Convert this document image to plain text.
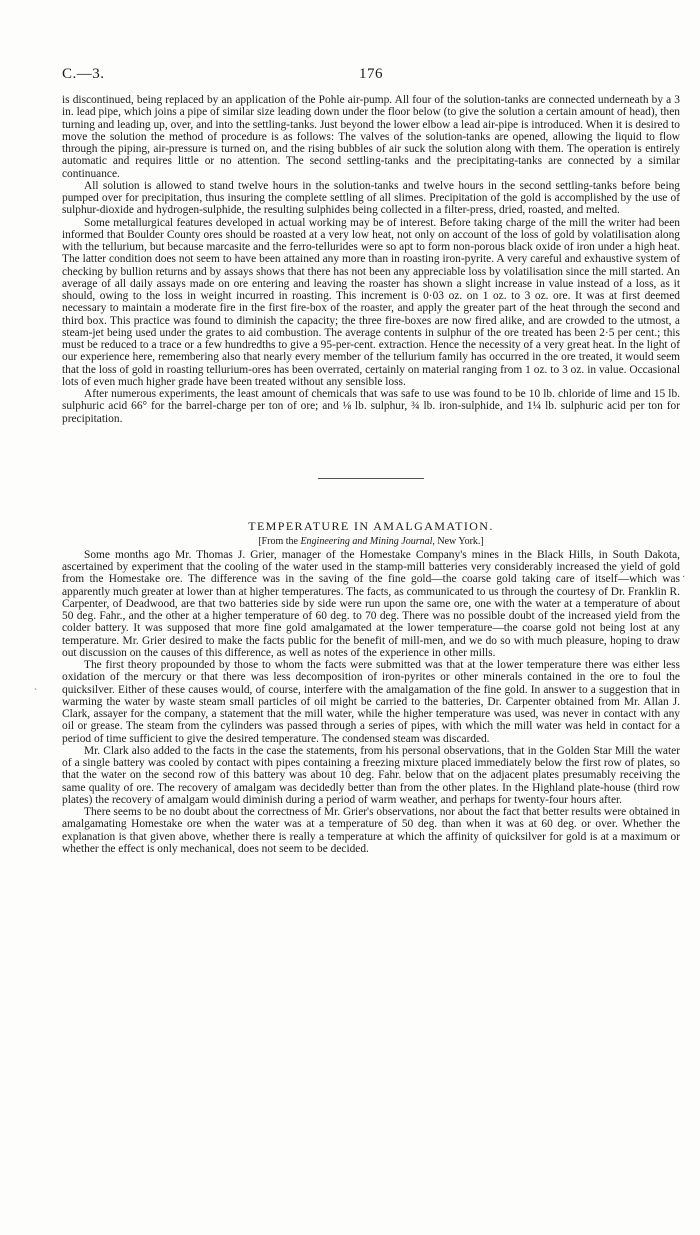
C.—3.	176

is discontinued, being replaced by an application of the Pohle air-pump. All four of the solution-tanks are connected underneath by a 3 in. lead pipe, which joins a pipe of similar size leading down under the floor below (to give the solution a certain amount of head), then turning and leading up, over, and into the settling-tanks. Just beyond the lower elbow a lead air-pipe is introduced. When it is desired to move the solution the method of procedure is as follows: The valves of the solution-tanks are opened, allowing the liquid to flow through the piping, air-pressure is turned on, and the rising bubbles of air suck the solution along with them. The operation is entirely automatic and requires little or no attention. The second settling-tanks and the precipitating-tanks are connected by a similar continuance.

All solution is allowed to stand twelve hours in the solution-tanks and twelve hours in the second settling-tanks before being pumped over for precipitation, thus insuring the complete settling of all slimes. Precipitation of the gold is accomplished by the use of sulphur-dioxide and hydrogen-sulphide, the resulting sulphides being collected in a filter-press, dried, roasted, and melted.

Some metallurgical features developed in actual working may be of interest. Before taking charge of the mill the writer had been informed that Boulder County ores should be roasted at a very low heat, not only on account of the loss of gold by volatilisation along with the tellurium, but because marcasite and the ferro-tellurides were so apt to form non-porous black oxide of iron under a high heat. The latter condition does not seem to have been attained any more than in roasting iron-pyrite. A very careful and exhaustive system of checking by bullion returns and by assays shows that there has not been any appreciable loss by volatilisation since the mill started. An average of all daily assays made on ore entering and leaving the roaster has shown a slight increase in value instead of a loss, as it should, owing to the loss in weight incurred in roasting. This increment is 0·03 oz. on 1 oz. to 3 oz. ore. It was at first deemed necessary to maintain a moderate fire in the first fire-box of the roaster, and apply the greater part of the heat through the second and third box. This practice was found to diminish the capacity; the three fire-boxes are now fired alike, and are crowded to the utmost, a steam-jet being used under the grates to aid combustion. The average contents in sulphur of the ore treated has been 2·5 per cent.; this must be reduced to a trace or a few hundredths to give a 95-per-cent. extraction. Hence the necessity of a very great heat. In the light of our experience here, remembering also that nearly every member of the tellurium family has occurred in the ore treated, it would seem that the loss of gold in roasting tellurium-ores has been overrated, certainly on material ranging from 1 oz. to 3 oz. in value. Occasional lots of even much higher grade have been treated without any sensible loss.

After numerous experiments, the least amount of chemicals that was safe to use was found to be 10 lb. chloride of lime and 15 lb. sulphuric acid 66° for the barrel-charge per ton of ore; and ⅛ lb. sulphur, ¾ lb. iron-sulphide, and 1¼ lb. sulphuric acid per ton for precipitation.

TEMPERATURE IN AMALGAMATION.
[From the Engineering and Mining Journal, New York.]

Some months ago Mr. Thomas J. Grier, manager of the Homestake Company's mines in the Black Hills, in South Dakota, ascertained by experiment that the cooling of the water used in the stamp-mill batteries very considerably increased the yield of gold from the Homestake ore. The difference was in the saving of the fine gold—the coarse gold taking care of itself—which was apparently much greater at lower than at higher temperatures. The facts, as communicated to us through the courtesy of Dr. Franklin R. Carpenter, of Deadwood, are that two batteries side by side were run upon the same ore, one with the water at a temperature of about 50 deg. Fahr., and the other at a higher temperature of 60 deg. to 70 deg. There was no possible doubt of the increased yield from the colder battery. It was supposed that more fine gold amalgamated at the lower temperature—the coarse gold not being lost at any temperature. Mr. Grier desired to make the facts public for the benefit of mill-men, and we do so with much pleasure, hoping to draw out discussion on the causes of this difference, as well as notes of the experience in other mills.

The first theory propounded by those to whom the facts were submitted was that at the lower temperature there was either less oxidation of the mercury or that there was less decomposition of iron-pyrites or other minerals contained in the ore to foul the quicksilver. Either of these causes would, of course, interfere with the amalgamation of the fine gold. In answer to a suggestion that in warming the water by waste steam small particles of oil might be carried to the batteries, Dr. Carpenter obtained from Mr. Allan J. Clark, assayer for the company, a statement that the mill water, while the higher temperature was used, was never in contact with any oil or grease. The steam from the cylinders was passed through a series of pipes, with which the mill water was held in contact for a period of time sufficient to give the desired temperature. The condensed steam was discarded.

Mr. Clark also added to the facts in the case the statements, from his personal observations, that in the Golden Star Mill the water of a single battery was cooled by contact with pipes containing a freezing mixture placed immediately below the first row of plates, so that the water on the second row of this battery was about 10 deg. Fahr. below that on the adjacent plates presumably receiving the same quality of ore. The recovery of amalgam was decidedly better than from the other plates. In the Highland plate-house (third row plates) the recovery of amalgam would diminish during a period of warm weather, and perhaps for twenty-four hours after.

There seems to be no doubt about the correctness of Mr. Grier's observations, nor about the fact that better results were obtained in amalgamating Homestake ore when the water was at a temperature of 50 deg. than when it was at 60 deg. or over. Whether the explanation is that given above, whether there is really a temperature at which the affinity of quicksilver for gold is at a maximum or whether the effect is only mechanical, does not seem to be decided.

`
·
